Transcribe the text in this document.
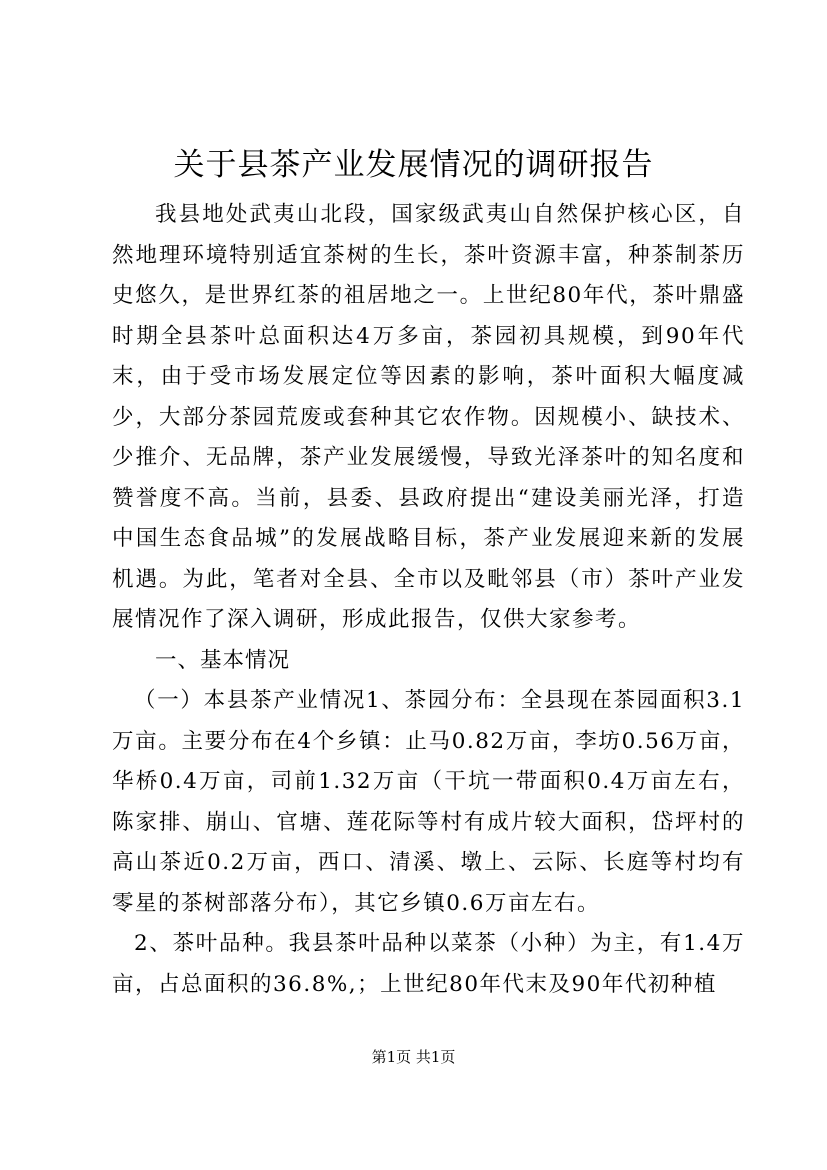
关于县茶产业发展情况的调研报告

我县地处武夷山北段，国家级武夷山自然保护核心区，自然地理环境特别适宜茶树的生长，茶叶资源丰富，种茶制茶历史悠久，是世界红茶的祖居地之一。上世纪80年代，茶叶鼎盛时期全县茶叶总面积达4万多亩，茶园初具规模，到90年代末，由于受市场发展定位等因素的影响，茶叶面积大幅度减少，大部分茶园荒废或套种其它农作物。因规模小、缺技术、少推介、无品牌，茶产业发展缓慢，导致光泽茶叶的知名度和赞誉度不高。当前，县委、县政府提出“建设美丽光泽，打造中国生态食品城”的发展战略目标，茶产业发展迎来新的发展机遇。为此，笔者对全县、全市以及毗邻县（市）茶叶产业发展情况作了深入调研，形成此报告，仅供大家参考。

一、基本情况

（一）本县茶产业情况1、茶园分布：全县现在茶园面积3.1万亩。主要分布在4个乡镇：止马0.82万亩，李坊0.56万亩，华桥0.4万亩，司前1.32万亩（干坑一带面积0.4万亩左右，陈家排、崩山、官塘、莲花际等村有成片较大面积，岱坪村的高山茶近0.2万亩，西口、清溪、墩上、云际、长庭等村均有零星的茶树部落分布），其它乡镇0.6万亩左右。

2、茶叶品种。我县茶叶品种以菜茶（小种）为主，有1.4万亩，占总面积的36.8%,；上世纪80年代末及90年代初种植

第1页 共1页
